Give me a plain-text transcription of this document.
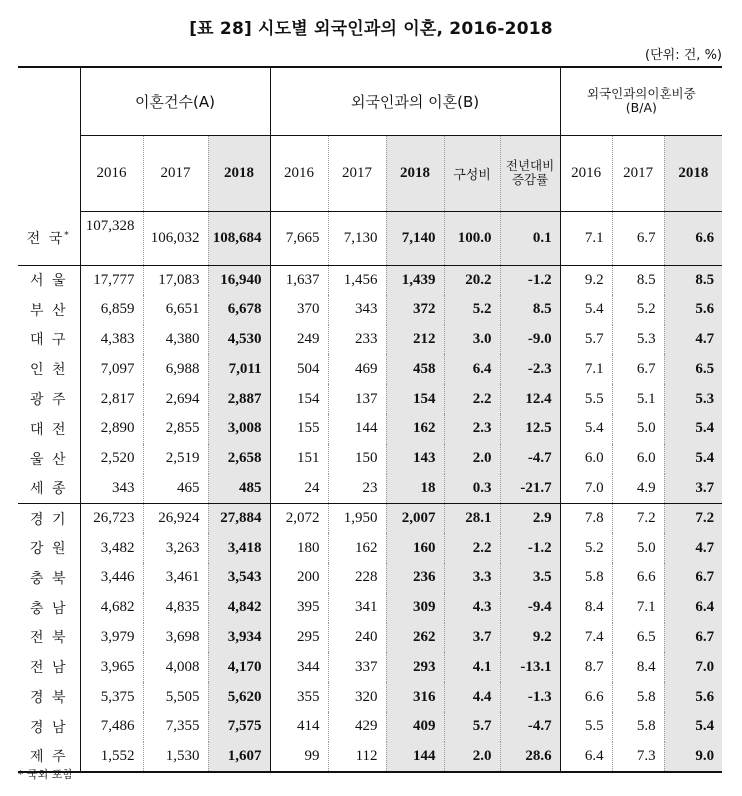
[표 28] 시도별 외국인과의 이혼, 2016-2018
(단위: 건, %)
	이혼건수(A)			외국인과의 이혼(B)					외국인과의이혼비중(B/A)		

	2016	2017	2018	2016	2017	2018	구성비	전년대비증감률	2016	2017	2018
전 국*	107,328	106,032	108,684	7,665	7,130	7,140	100.0	0.1	7.1	6.7	6.6
서 울	17,777	17,083	16,940	1,637	1,456	1,439	20.2	-1.2	9.2	8.5	8.5
부 산	6,859	6,651	6,678	370	343	372	5.2	8.5	5.4	5.2	5.6
대 구	4,383	4,380	4,530	249	233	212	3.0	-9.0	5.7	5.3	4.7
인 천	7,097	6,988	7,011	504	469	458	6.4	-2.3	7.1	6.7	6.5
광 주	2,817	2,694	2,887	154	137	154	2.2	12.4	5.5	5.1	5.3
대 전	2,890	2,855	3,008	155	144	162	2.3	12.5	5.4	5.0	5.4
울 산	2,520	2,519	2,658	151	150	143	2.0	-4.7	6.0	6.0	5.4
세 종	343	465	485	24	23	18	0.3	-21.7	7.0	4.9	3.7
경 기	26,723	26,924	27,884	2,072	1,950	2,007	28.1	2.9	7.8	7.2	7.2
강 원	3,482	3,263	3,418	180	162	160	2.2	-1.2	5.2	5.0	4.7
충 북	3,446	3,461	3,543	200	228	236	3.3	3.5	5.8	6.6	6.7
충 남	4,682	4,835	4,842	395	341	309	4.3	-9.4	8.4	7.1	6.4
전 북	3,979	3,698	3,934	295	240	262	3.7	9.2	7.4	6.5	6.7
전 남	3,965	4,008	4,170	344	337	293	4.1	-13.1	8.7	8.4	7.0
경 북	5,375	5,505	5,620	355	320	316	4.4	-1.3	6.6	5.8	5.6
경 남	7,486	7,355	7,575	414	429	409	5.7	-4.7	5.5	5.8	5.4
제 주	1,552	1,530	1,607	99	112	144	2.0	28.6	6.4	7.3	9.0
* 국외 포함
